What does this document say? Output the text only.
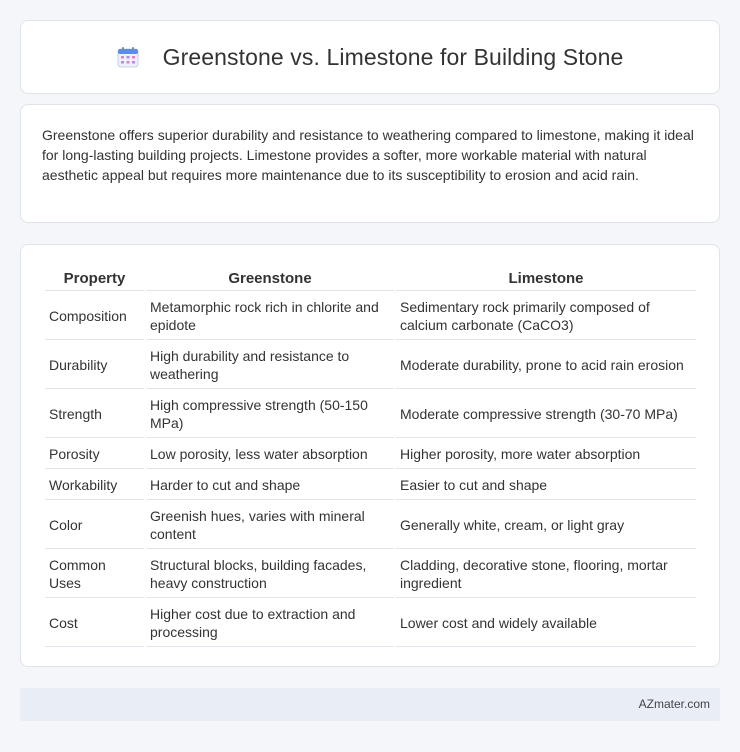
Greenstone vs. Limestone for Building Stone

Greenstone offers superior durability and resistance to weathering compared to limestone, making it ideal for long-lasting building projects. Limestone provides a softer, more workable material with natural aesthetic appeal but requires more maintenance due to its susceptibility to erosion and acid rain.

Property	Greenstone	Limestone
Composition	Metamorphic rock rich in chlorite and epidote	Sedimentary rock primarily composed of calcium carbonate (CaCO3)
Durability	High durability and resistance to weathering	Moderate durability, prone to acid rain erosion
Strength	High compressive strength (50-150 MPa)	Moderate compressive strength (30-70 MPa)
Porosity	Low porosity, less water absorption	Higher porosity, more water absorption
Workability	Harder to cut and shape	Easier to cut and shape
Color	Greenish hues, varies with mineral content	Generally white, cream, or light gray
Common Uses	Structural blocks, building facades, heavy construction	Cladding, decorative stone, flooring, mortar ingredient
Cost	Higher cost due to extraction and processing	Lower cost and widely available
AZmater.com
